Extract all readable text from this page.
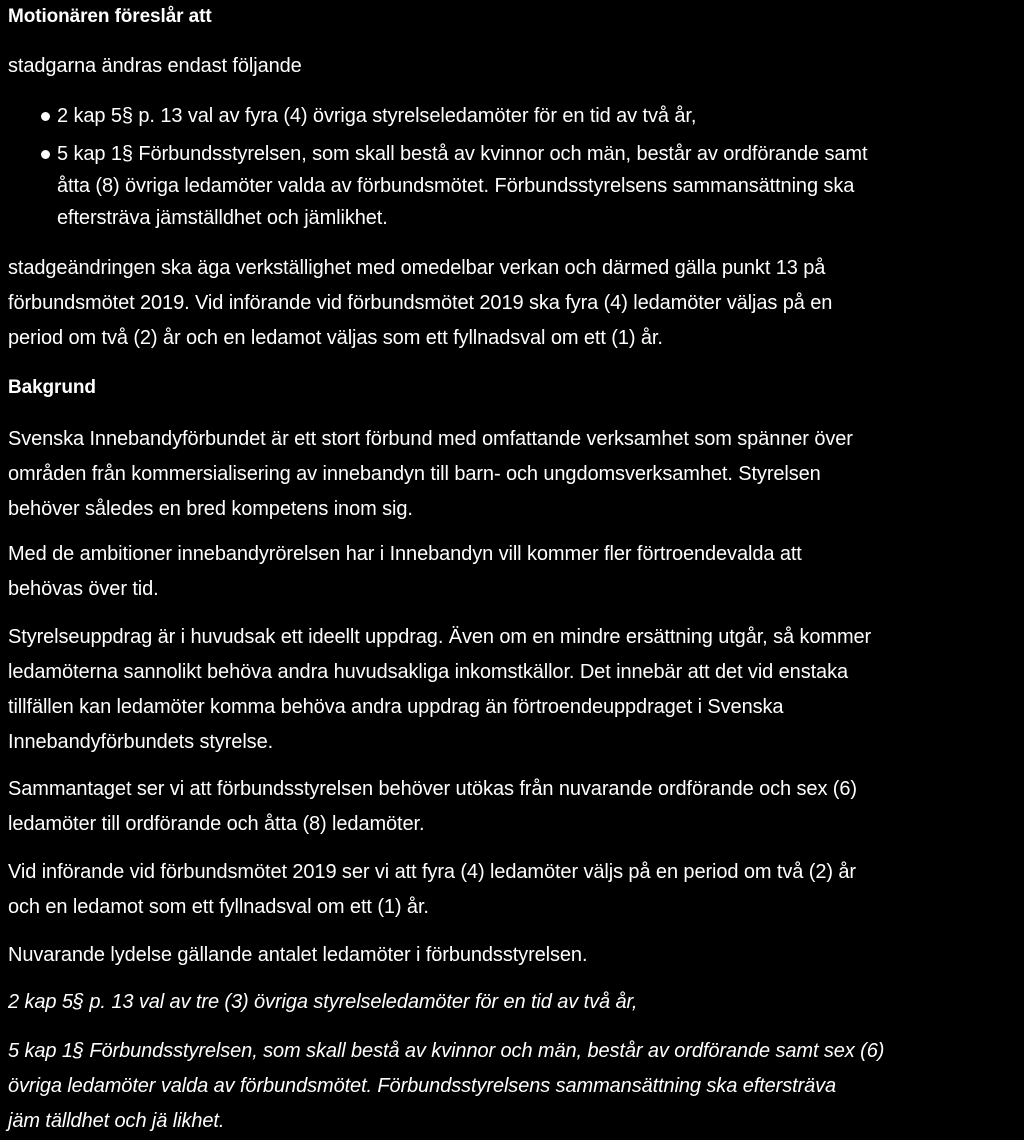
Motionären föreslår att

stadgarna ändras endast följande

2 kap 5§ p. 13 val av fyra (4) övriga styrelseledamöter för en tid av två år,
5 kap 1§ Förbundsstyrelsen, som skall bestå av kvinnor och män, består av ordförande samt
åtta (8) övriga ledamöter valda av förbundsmötet. Förbundsstyrelsens sammansättning ska
eftersträva jämställdhet och jämlikhet.

stadgeändringen ska äga verkställighet med omedelbar verkan och därmed gälla punkt 13 på
förbundsmötet 2019. Vid införande vid förbundsmötet 2019 ska fyra (4) ledamöter väljas på en
period om två (2) år och en ledamot väljas som ett fyllnadsval om ett (1) år.

Bakgrund

Svenska Innebandyförbundet är ett stort förbund med omfattande verksamhet som spänner över
områden från kommersialisering av innebandyn till barn- och ungdomsverksamhet. Styrelsen
behöver således en bred kompetens inom sig.

Med de ambitioner innebandyrörelsen har i Innebandyn vill kommer fler förtroendevalda att
behövas över tid.

Styrelseuppdrag är i huvudsak ett ideellt uppdrag. Även om en mindre ersättning utgår, så kommer
ledamöterna sannolikt behöva andra huvudsakliga inkomstkällor. Det innebär att det vid enstaka
tillfällen kan ledamöter komma behöva andra uppdrag än förtroendeuppdraget i Svenska
Innebandyförbundets styrelse.

Sammantaget ser vi att förbundsstyrelsen behöver utökas från nuvarande ordförande och sex (6)
ledamöter till ordförande och åtta (8) ledamöter.

Vid införande vid förbundsmötet 2019 ser vi att fyra (4) ledamöter väljs på en period om två (2) år
och en ledamot som ett fyllnadsval om ett (1) år.

Nuvarande lydelse gällande antalet ledamöter i förbundsstyrelsen.

2 kap 5§ p. 13 val av tre (3) övriga styrelseledamöter för en tid av två år,

5 kap 1§ Förbundsstyrelsen, som skall bestå av kvinnor och män, består av ordförande samt sex (6)
övriga ledamöter valda av förbundsmötet. Förbundsstyrelsens sammansättning ska eftersträva
jäm tälldhet och jä likhet.
